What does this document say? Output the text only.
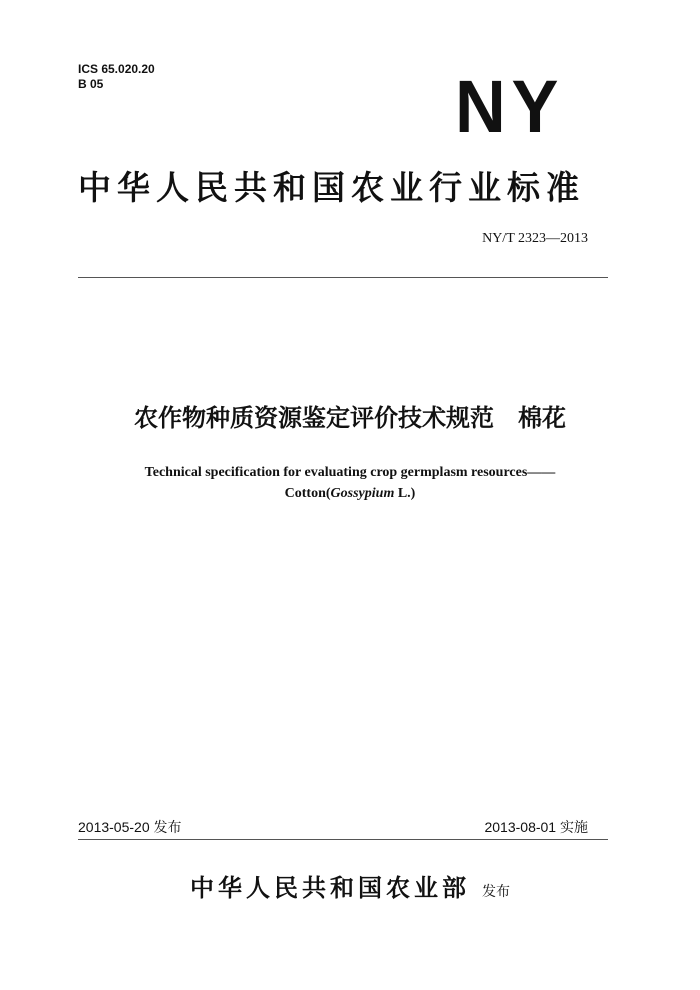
ICS 65.020.20
B 05	NY
中华人民共和国农业行业标准
NY/T 2323—2013
农作物种质资源鉴定评价技术规范　棉花
Technical specification for evaluating crop germplasm resources——
Cotton(Gossypium L.)
2013-05-20 发布	2013-08-01 实施
中华人民共和国农业部 发布
